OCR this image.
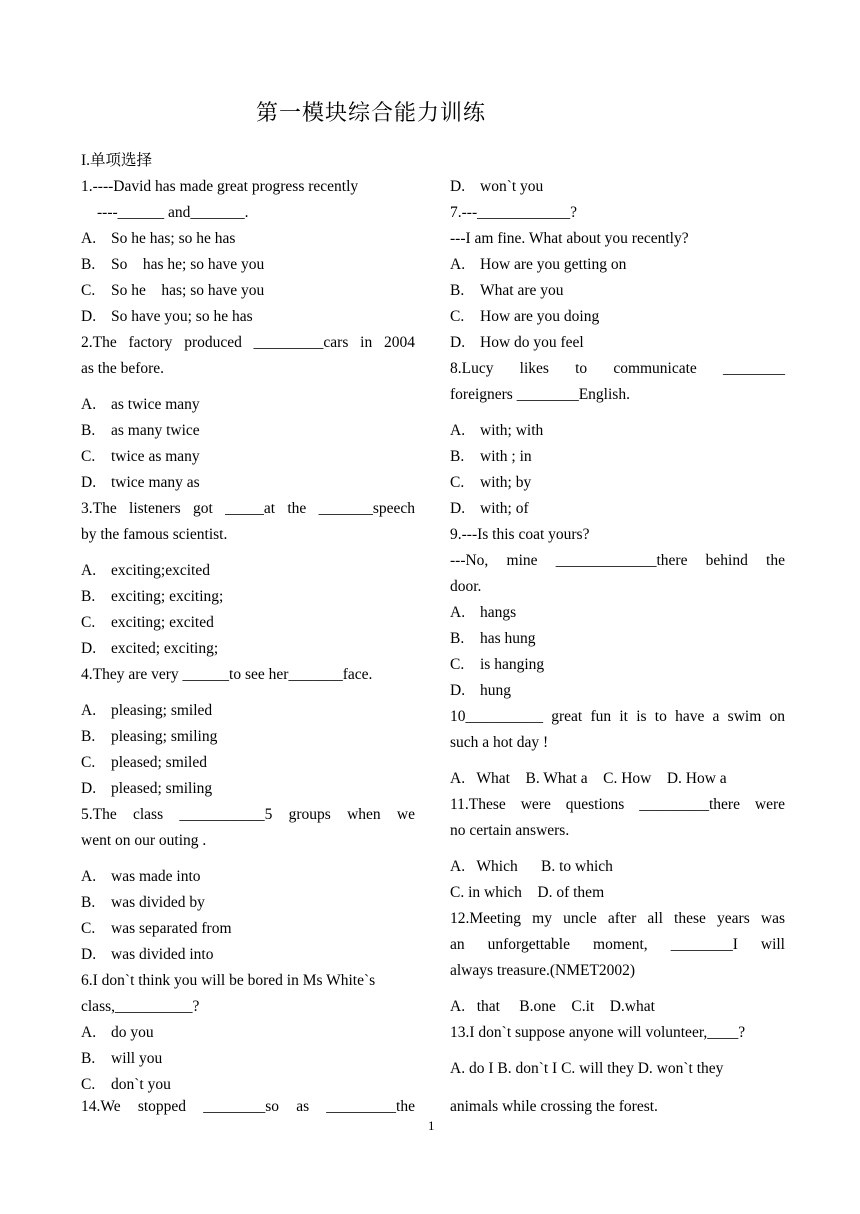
第一模块综合能力训练
I.单项选择
1.----David has made great progress recently
----______ and_______.
A. So he has; so he has
B.	So    has he; so have you
C.	So he    has; so have you
D. So have you; so he has
2.The factory produced _________cars in 2004
as the before.
A. as twice many
B.	as many twice
C.	twice as many
D. twice many as
3.The listeners got _____at the _______speech
by the famous scientist.
A. exciting;excited
B.	exciting; exciting;
C.	exciting; excited
D. excited; exciting;
4.They are very ______to see her_______face.
A. pleasing; smiled
B.	pleasing; smiling
C.	pleased; smiled
D. pleased; smiling
5.The class ___________5 groups when we
went on our outing .
A. was made into
B.	was divided by
C.	was separated from
D. was divided into
6.I don`t think you will be bored in Ms White`s
class,__________?
A. do you
B.	will you
C.	don`t you
D. won`t you
7.---____________?
---I am fine. What about you recently?
A. How are you getting on
B.	What are you
C.	How are you doing
D. How do you feel
8.Lucy likes to communicate ________
foreigners ________English.
A. with; with
B.	with ; in
C.	with; by
D. with; of
9.---Is this coat yours?
---No, mine _____________there behind the
door.
A. hangs
B.	has hung
C.	is hanging
D. hung
10__________ great fun it is to have a swim on
such a hot day !
A.   What    B. What a    C. How    D. How a
11.These were questions _________there were
no certain answers.
A.   Which      B. to which
C. in which    D. of them
12.Meeting my uncle after all these years was
an unforgettable moment, ________I will
always treasure.(NMET2002)
A.   that     B.one    C.it    D.what
13.I don`t suppose anyone will volunteer,____?
A. do I B. don`t I C. will they D. won`t they
14.We stopped ________so as _________the animals while crossing the forest.
1
